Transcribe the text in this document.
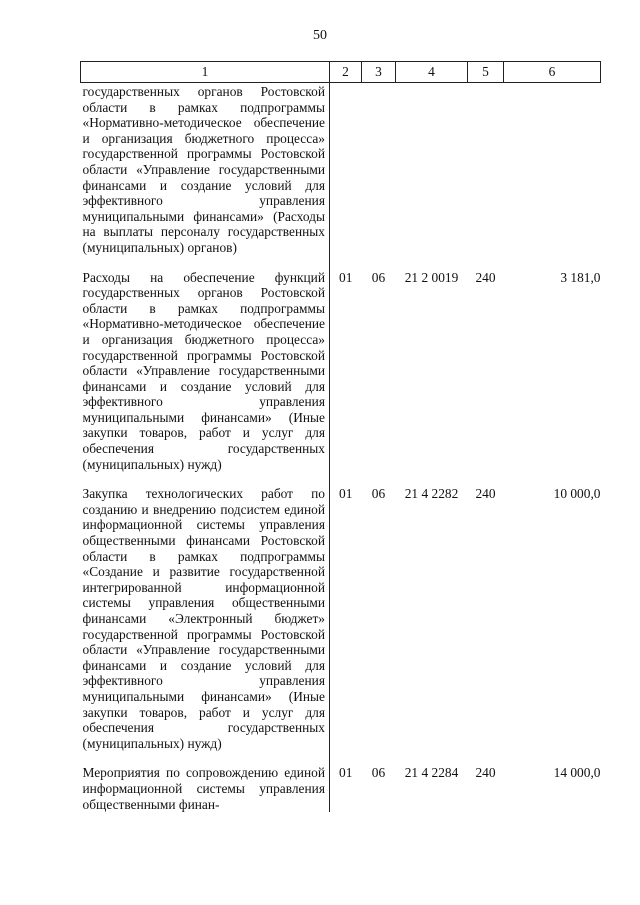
50
1	2	3	4	5	6

государственных органов Ростовской области в рамках подпрограммы «Нормативно-методическое обеспечение и организация бюджетного процесса» государственной программы Ростовской области «Управление государственными финансами и создание условий для эффективного управления муниципальными финансами» (Расходы на выплаты персоналу государственных (муниципальных) органов)					

Расходы на обеспечение функций государственных органов Ростовской области в рамках подпрограммы «Нормативно-методическое обеспечение и организация бюджетного процесса» государственной программы Ростовской области «Управление государственными финансами и создание условий для эффективного управления муниципальными финансами» (Иные закупки товаров, работ и услуг для обеспечения государственных (муниципальных) нужд)	01	06	21 2 0019	240	3 181,0

Закупка технологических работ по созданию и внедрению подсистем единой информационной системы управления общественными финансами Ростовской области в рамках подпрограммы «Создание и развитие государственной интегрированной информационной системы управления общественными финансами «Электронный бюджет» государственной программы Ростовской области «Управление государственными финансами и создание условий для эффективного управления муниципальными финансами» (Иные закупки товаров, работ и услуг для обеспечения государственных (муниципальных) нужд)	01	06	21 4 2282	240	10 000,0

Мероприятия по сопровождению единой информационной системы управления общественными финан-	01	06	21 4 2284	240	14 000,0
